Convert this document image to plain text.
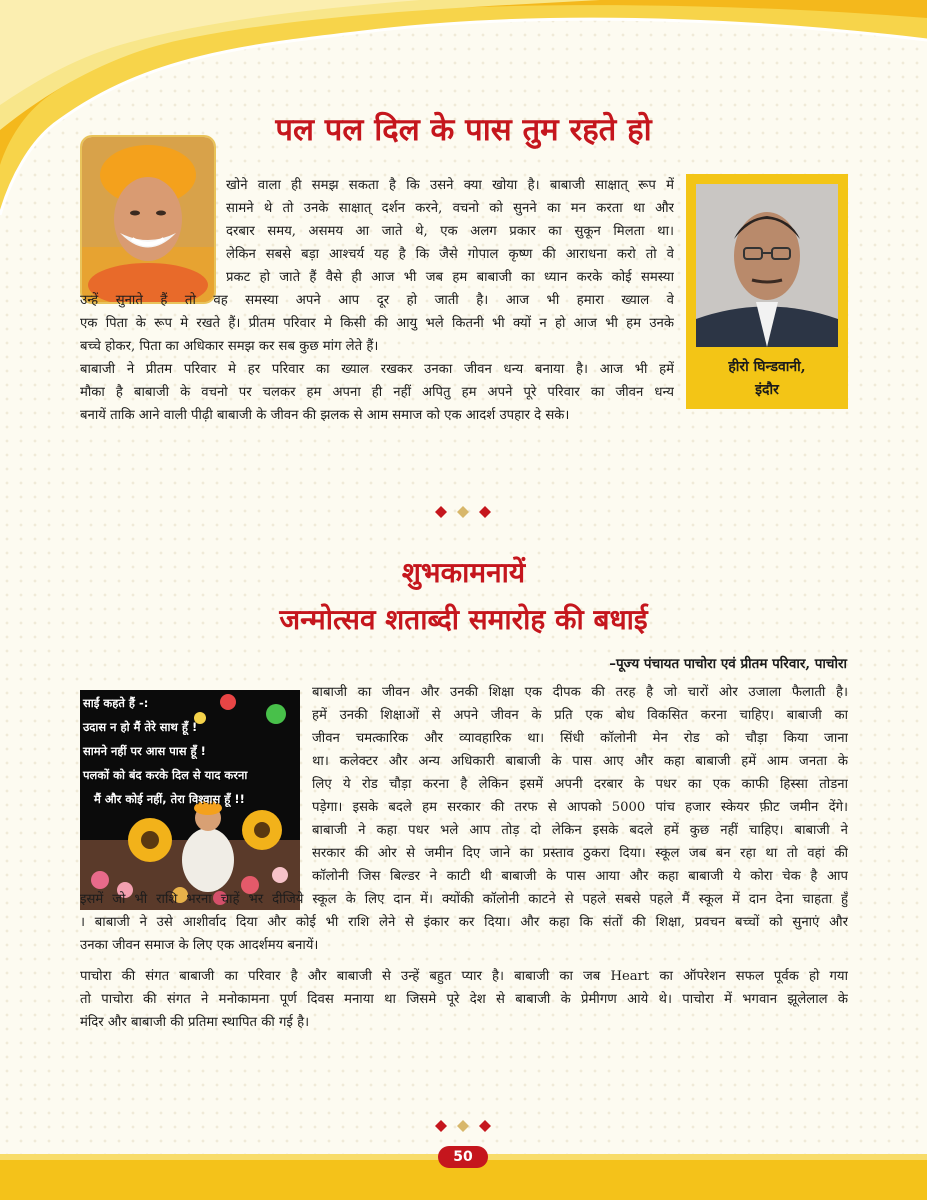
पल पल दिल के पास तुम रहते हो

हीरो घिन्डवानी,

इंदौर

खोने वाला ही समझ सकता है कि उसने क्या खोया है। बाबाजी साक्षात् रूप में

सामने थे तो उनके साक्षात् दर्शन करने, वचनो को सुनने का मन करता था और

दरबार समय, असमय आ जाते थे, एक अलग प्रकार का सुकून मिलता था।

लेकिन सबसे बड़ा आश्चर्य यह है कि जैसे गोपाल कृष्ण की आराधना करो तो वे

प्रकट हो जाते हैं वैसे ही आज भी जब हम बाबाजी का ध्यान करके कोई समस्या

उन्हें सुनाते हैं तो वह समस्या अपने आप दूर हो जाती है। आज भी हमारा ख्याल वे

एक पिता के रूप मे रखते हैं। प्रीतम परिवार मे किसी की आयु भले कितनी भी क्यों न हो आज भी हम उनके

बच्चे होकर, पिता का अधिकार समझ कर सब कुछ मांग लेते हैं।

बाबाजी ने प्रीतम परिवार मे हर परिवार का ख्याल रखकर उनका जीवन धन्य बनाया है। आज भी हमें

मौका है बाबाजी के वचनो पर चलकर हम अपना ही नहीं अपितु हम अपने पूरे परिवार का जीवन धन्य

बनायें ताकि आने वाली पीढ़ी बाबाजी के जीवन की झलक से आम समाज को एक आदर्श उपहार दे सके।

शुभकामनायें
जन्मोत्सव शताब्दी समारोह की बधाई

–पूज्य पंचायत पाचोरा एवं प्रीतम परिवार, पाचोरा

साईं कहते हैं -:

उदास न हो मैं तेरे साथ हूँ !

सामने नहीं पर आस पास हूँ !

पलकों को बंद करके दिल से याद करना

मैं और कोई नहीं, तेरा विश्वास हूँ !!

बाबाजी का जीवन और उनकी शिक्षा एक दीपक की तरह है जो चारों ओर उजाला फैलाती है।

हमें उनकी शिक्षाओं से अपने जीवन के प्रति एक बोध विकसित करना चाहिए। बाबाजी का

जीवन चमत्कारिक और व्यावहारिक था। सिंधी कॉलोनी मेन रोड को चौड़ा किया जाना

था। कलेक्टर और अन्य अधिकारी बाबाजी के पास आए और कहा बाबाजी हमें आम जनता के

लिए ये रोड चौड़ा करना है लेकिन इसमें अपनी दरबार के पधर का एक काफी हिस्सा तोडना

पड़ेगा। इसके बदले हम सरकार की तरफ से आपको 5000 पांच हजार स्केयर फ़ीट जमीन देंगे।

बाबाजी ने कहा पधर भले आप तोड़ दो लेकिन इसके बदले हमें कुछ नहीं चाहिए। बाबाजी ने

सरकार की ओर से जमीन दिए जाने का प्रस्ताव ठुकरा दिया। स्कूल जब बन रहा था तो वहां की

कॉलोनी जिस बिल्डर ने काटी थी बाबाजी के पास आया और कहा बाबाजी ये कोरा चेक है आप

इसमें जो भी राशि भरना चाहें भर दीजिये स्कूल के लिए दान में। क्योंकी कॉलोनी काटने से पहले सबसे पहले मैं स्कूल में दान देना चाहता हुँ

। बाबाजी ने उसे आशीर्वाद दिया और कोई भी राशि लेने से इंकार कर दिया। और कहा कि संतों की शिक्षा, प्रवचन बच्चों को सुनाएं और

उनका जीवन समाज के लिए एक आदर्शमय बनायें।

पाचोरा की संगत बाबाजी का परिवार है और बाबाजी से उन्हें बहुत प्यार है। बाबाजी का जब Heart का ऑपरेशन सफल पूर्वक हो गया

तो पाचोरा की संगत ने मनोकामना पूर्ण दिवस मनाया था जिसमे पूरे देश से बाबाजी के प्रेमीगण आये थे। पाचोरा में भगवान झूलेलाल के

मंदिर और बाबाजी की प्रतिमा स्थापित की गई है।

50
